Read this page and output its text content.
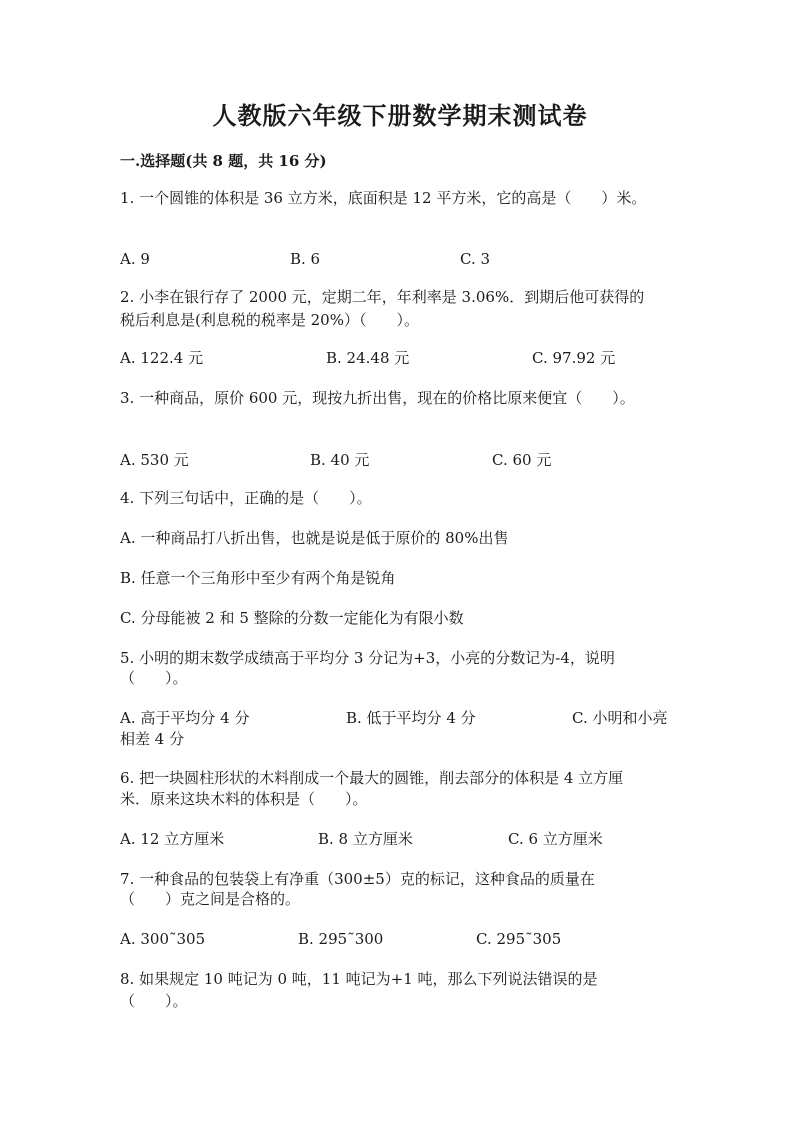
人教版六年级下册数学期末测试卷
一.选择题(共 8 题，共 16 分)
1. 一个圆锥的体积是 36 立方米，底面积是 12 平方米，它的高是（　　）米。
A. 9	B. 6	C. 3
2. 小李在银行存了 2000 元，定期二年，年利率是 3.06%．到期后他可获得的
税后利息是(利息税的税率是 20%）（　　）。
A. 122.4 元	B. 24.48 元	C. 97.92 元
3. 一种商品，原价 600 元，现按九折出售，现在的价格比原来便宜（　　）。
A. 530 元	B. 40 元	C. 60 元
4. 下列三句话中，正确的是（　　）。
A. 一种商品打八折出售，也就是说是低于原价的 80%出售
B. 任意一个三角形中至少有两个角是锐角
C. 分母能被 2 和 5 整除的分数一定能化为有限小数
5. 小明的期末数学成绩高于平均分 3 分记为+3，小亮的分数记为-4，说明
（　　）。
A. 高于平均分 4 分	B. 低于平均分 4 分	C. 小明和小亮
相差 4 分
6. 把一块圆柱形状的木料削成一个最大的圆锥，削去部分的体积是 4 立方厘
米．原来这块木料的体积是（　　）。
A. 12 立方厘米	B. 8 立方厘米	C. 6 立方厘米
7. 一种食品的包装袋上有净重（300±5）克的标记，这种食品的质量在
（　　）克之间是合格的。
A. 300˜305	B. 295˜300	C. 295˜305
8. 如果规定 10 吨记为 0 吨，11 吨记为+1 吨，那么下列说法错误的是
（　　）。
